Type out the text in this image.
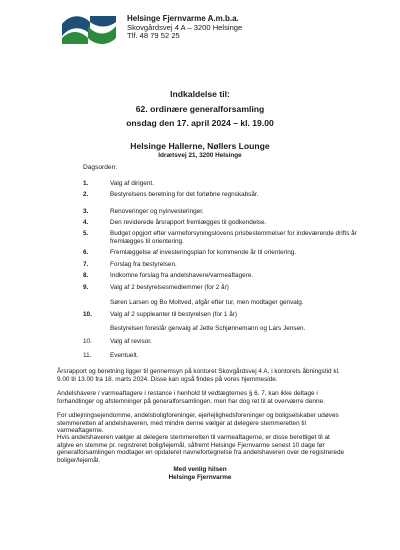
Helsinge Fjernvarme A.m.b.a.
Skovgårdsvej 4 A – 3200 Helsinge
Tlf. 48 79 52 25
Indkaldelse til:
62. ordinære generalforsamling
onsdag den 17. april 2024 – kl. 19.00
Helsinge Hallerne, Nøllers Lounge
Idrætsvej 21, 3200 Helsinge
Dagsorden:
1.	Valg af dirigent.
2.	Bestyrelsens beretning for det forløbne regnskabsår.
3.	Renoveringer og nyinvesteringer.
4.	Den reviderede årsrapport fremlægges til godkendelse.
5.	Budget opgjort efter varmeforsyningslovens prisbestemmelser for indeværende drifts år fremlægges til orientering.
6.	Fremlæggelse af investeringsplan for kommende år til orientering.
7.	Forslag fra bestyrelsen.
8.	Indkomne forslag fra andelshavere/varmeaftagere.
9.	Valg af 2 bestyrelsesmedlemmer (for 2 år)
Søren Larsen og Bo Moltved, afgår efter tur, men modtager genvalg.
10.	Valg af 2 suppleanter til bestyrelsen (for 1 år)
Bestyrelsen foreslår genvalg af Jette Schjønnemann og Lars Jensen.
10.	Valg af revisor.
11.	Eventuelt.
Årsrapport og beretning ligger til gennemsyn på kontoret Skovgårdsvej 4 A, i kontorets åbningstid kl. 9.00 til 13.00 fra 18. marts 2024. Disse kan også findes på vores hjemmeside.
Andelshavere / varmeaftagere i restance i henhold til vedtægternes § 6. 7, kan ikke deltage i forhandlinger og afstemninger på generalforsamlingen, men har dog ret til at overværre denne.
For udlejningsejendomme, andelsboligforeninger, ejerlejlighedsforeninger og boligselskaber udøves stemmeretten af andelshaveren, med mindre denne vælger at delegere stemmeretten til varmeaftagerne.
Hvis andelshaveren vælger at delegere stemmeretten til varmeaftagerne, er disse berettiget til at afgive en stemme pr. registreret bolig/lejemål, såfremt Helsinge Fjernvarme senest 10 dage før generalforsamlingen modtager en opdateret navnefortegnelse fra andelshaveren over de registrerede boliger/lejemål.
Med venlig hilsen
Helsinge Fjernvarme
